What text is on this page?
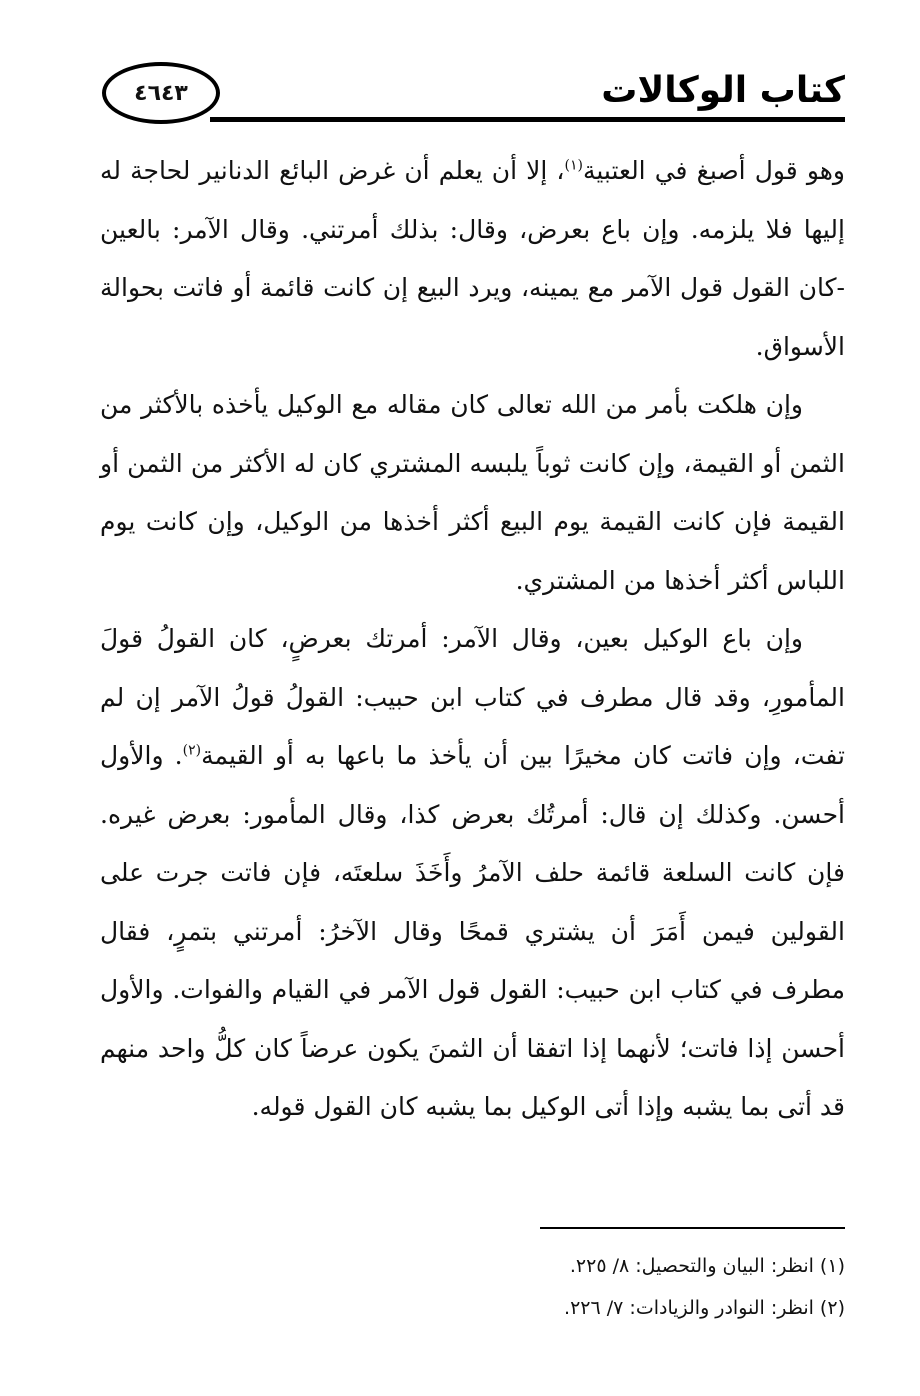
٤٦٤٣	كتاب الوكالات

وهو قول أصبغ في العتبية$^{(١)}$، إلا أن يعلم أن غرض البائع الدنانير لحاجة له إليها فلا يلزمه. وإن باع بعرض، وقال: بذلك أمرتني. وقال الآمر: بالعين -كان القول قول الآمر مع يمينه، ويرد البيع إن كانت قائمة أو فاتت بحوالة الأسواق.

وإن هلكت بأمر من الله تعالى كان مقاله مع الوكيل يأخذه بالأكثر من الثمن أو القيمة، وإن كانت ثوباً يلبسه المشتري كان له الأكثر من الثمن أو القيمة فإن كانت القيمة يوم البيع أكثر أخذها من الوكيل، وإن كانت يوم اللباس أكثر أخذها من المشتري.

وإن باع الوكيل بعين، وقال الآمر: أمرتك بعرضٍ، كان القولُ قولَ المأمورِ، وقد قال مطرف في كتاب ابن حبيب: القولُ قولُ الآمر إن لم تفت، وإن فاتت كان مخيرًا بين أن يأخذ ما باعها به أو القيمة$^{(٢)}$. والأول أحسن. وكذلك إن قال: أمرتُك بعرض كذا، وقال المأمور: بعرض غيره. فإن كانت السلعة قائمة حلف الآمرُ وأَخَذَ سلعتَه، فإن فاتت جرت على القولين فيمن أَمَرَ أن يشتري قمحًا وقال الآخرُ: أمرتني بتمرٍ، فقال مطرف في كتاب ابن حبيب: القول قول الآمر في القيام والفوات. والأول أحسن إذا فاتت؛ لأنهما إذا اتفقا أن الثمنَ يكون عرضاً كان كلُّ واحد منهم قد أتى بما يشبه وإذا أتى الوكيل بما يشبه كان القول قوله.

(١) انظر: البيان والتحصيل: ٨/ ٢٢٥.

(٢) انظر: النوادر والزيادات: ٧/ ٢٢٦.
